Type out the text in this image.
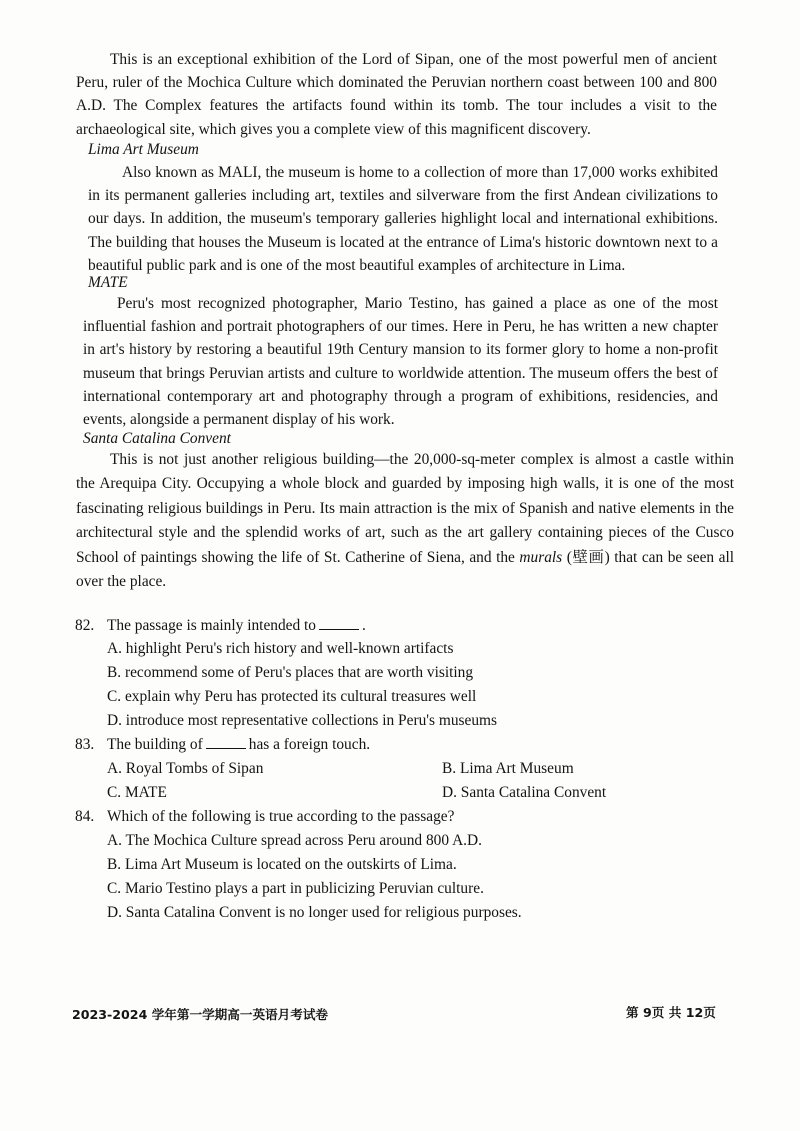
This is an exceptional exhibition of the Lord of Sipan, one of the most powerful men of ancient Peru, ruler of the Mochica Culture which dominated the Peruvian northern coast between 100 and 800 A.D. The Complex features the artifacts found within its tomb. The tour includes a visit to the archaeological site, which gives you a complete view of this magnificent discovery.

Lima Art Museum

Also known as MALI, the museum is home to a collection of more than 17,000 works exhibited in its permanent galleries including art, textiles and silverware from the first Andean civilizations to our days. In addition, the museum's temporary galleries highlight local and international exhibitions. The building that houses the Museum is located at the entrance of Lima's historic downtown next to a beautiful public park and is one of the most beautiful examples of architecture in Lima.

MATE

Peru's most recognized photographer, Mario Testino, has gained a place as one of the most influential fashion and portrait photographers of our times. Here in Peru, he has written a new chapter in art's history by restoring a beautiful 19th Century mansion to its former glory to home a non-profit museum that brings Peruvian artists and culture to worldwide attention. The museum offers the best of international contemporary art and photography through a program of exhibitions, residencies, and events, alongside a permanent display of his work.

Santa Catalina Convent

This is not just another religious building—the 20,000-sq-meter complex is almost a castle within the Arequipa City. Occupying a whole block and guarded by imposing high walls, it is one of the most fascinating religious buildings in Peru. Its main attraction is the mix of Spanish and native elements in the architectural style and the splendid works of art, such as the art gallery containing pieces of the Cusco School of paintings showing the life of St. Catherine of Siena, and the murals (壁画) that can be seen all over the place.

82. The passage is mainly intended to	.
A. highlight Peru's rich history and well-known artifacts
B. recommend some of Peru's places that are worth visiting
C. explain why Peru has protected its cultural treasures well
D. introduce most representative collections in Peru's museums
83. The building of	has a foreign touch.
A. Royal Tombs of Sipan	B. Lima Art Museum
C. MATE	D. Santa Catalina Convent
84. Which of the following is true according to the passage?
A. The Mochica Culture spread across Peru around 800 A.D.
B. Lima Art Museum is located on the outskirts of Lima.
C. Mario Testino plays a part in publicizing Peruvian culture.
D. Santa Catalina Convent is no longer used for religious purposes.
2023-2024 学年第一学期高一英语月考试卷	第 9页 共 12页
